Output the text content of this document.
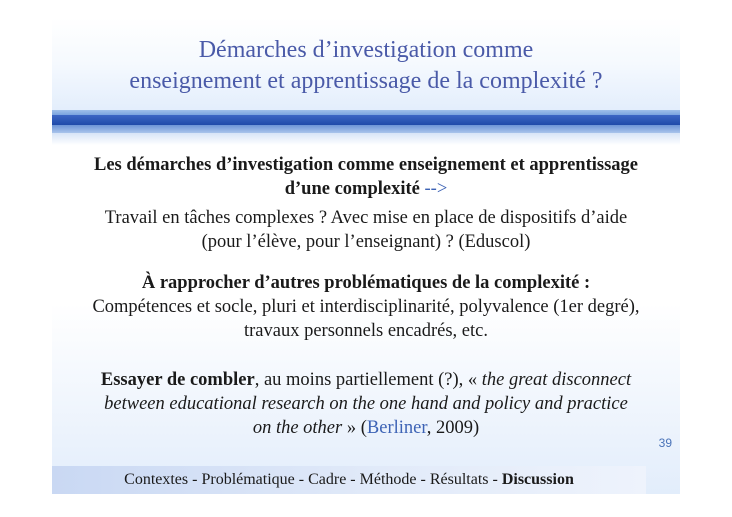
Démarches d’investigation comme
enseignement et apprentissage de la complexité ?
Les démarches d’investigation comme enseignement et apprentissage
d’une complexité -->
Travail en tâches complexes ? Avec mise en place de dispositifs d’aide
(pour l’élève, pour l’enseignant) ? (Eduscol)
À rapprocher d’autres problématiques de la complexité :
Compétences et socle, pluri et interdisciplinarité, polyvalence (1er degré),
travaux personnels encadrés, etc.
Essayer de combler, au moins partiellement (?), « the great disconnect
between educational research on the one hand and policy and practice
on the other » (Berliner, 2009)
39
Contextes - Problématique - Cadre - Méthode - Résultats - Discussion
